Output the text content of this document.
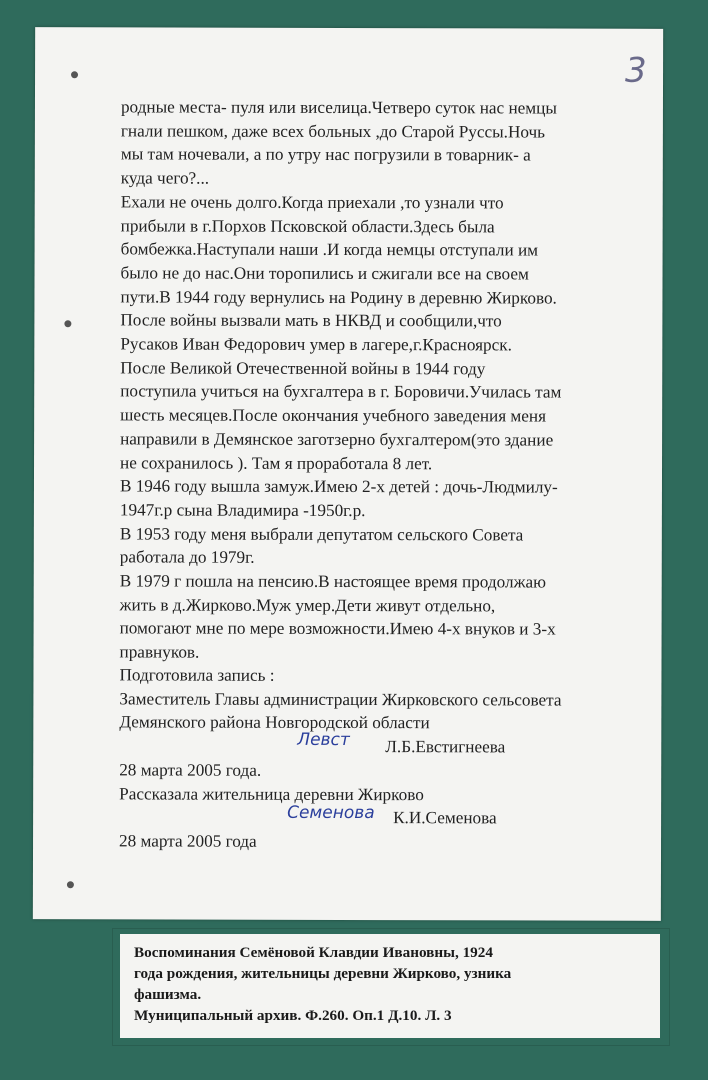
3
родные места- пуля или виселица.Четверо суток нас немцы
гнали пешком, даже всех больных ,до Старой Руссы.Ночь
мы там ночевали, а по утру нас погрузили в товарник- а
куда чего?...
Ехали не очень долго.Когда приехали ,то узнали что
прибыли в г.Порхов Псковской области.Здесь была
бомбежка.Наступали наши .И когда немцы отступали им
было не до нас.Они торопились и сжигали все на своем
пути.В 1944 году вернулись на Родину в деревню Жирково.
После войны вызвали мать в НКВД и сообщили,что
Русаков Иван Федорович умер в лагере,г.Красноярск.
После Великой Отечественной войны в 1944 году
поступила учиться на бухгалтера в г. Боровичи.Училась там
шесть месяцев.После окончания учебного заведения меня
направили в Демянское заготзерно бухгалтером(это здание
не сохранилось ). Там я проработала 8 лет.
В 1946 году вышла замуж.Имею 2-х детей : дочь-Людмилу-
1947г.р сына Владимира -1950г.р.
В 1953 году меня выбрали депутатом сельского Совета
работала до 1979г.
В 1979 г пошла на пенсию.В настоящее время продолжаю
жить в д.Жирково.Муж умер.Дети живут отдельно,
помогают мне по мере возможности.Имею 4-х внуков и 3-х
правнуков.
Подготовила запись :
Заместитель Главы администрации Жирковского сельсовета
Демянского района Новгородской области
Левст Л.Б.Евстигнеева
28 марта 2005 года.
Рассказала жительница деревни Жирково
Семенова К.И.Семенова
28 марта 2005 года
Воспоминания Семёновой Клавдии Ивановны, 1924
года рождения, жительницы деревни Жирково, узника
фашизма.
Муниципальный архив. Ф.260. Оп.1 Д.10. Л. 3
